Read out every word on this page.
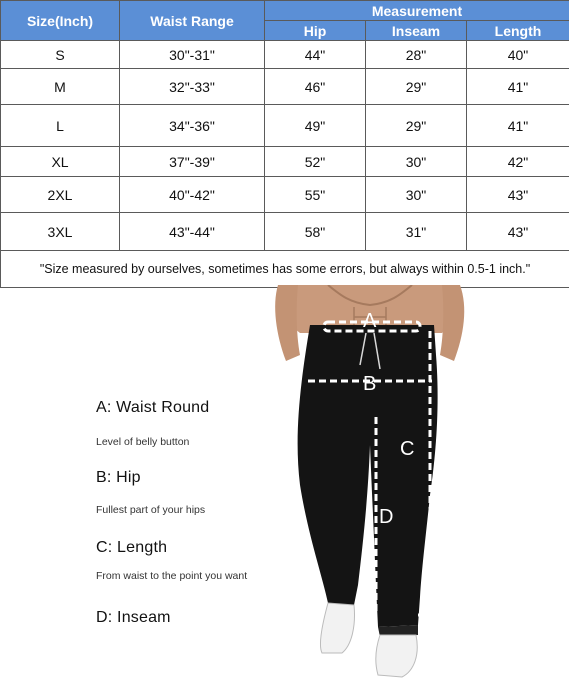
Size(Inch)	Waist Range	Measurement		
		Hip	Inseam	Length
S	30"-31"	44"	28"	40"
M	32"-33"	46"	29"	41"
L	34"-36"	49"	29"	41"
XL	37"-39"	52"	30"	42"
2XL	40"-42"	55"	30"	43"
3XL	43"-44"	58"	31"	43"
"Size measured by ourselves, sometimes has some errors, but always within 0.5-1 inch."				
A: Waist Round
Level of belly button
B: Hip
Fullest part of your hips
C: Length
From waist to the point you want
D: Inseam
A
B
C
D
